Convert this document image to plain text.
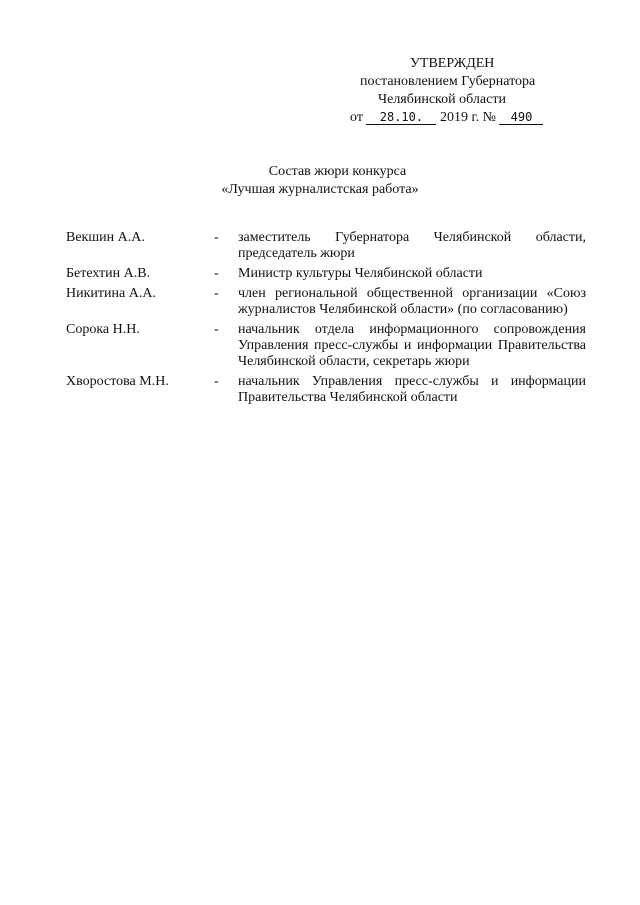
УТВЕРЖДЕН
постановлением Губернатора
Челябинской области
от 28.10. 2019 г. № 490
Состав жюри конкурса
«Лучшая журналистская работа»
Векшин А.А.	-	заместитель Губернатора Челябинской области, председатель жюри
Бетехтин А.В.	-	Министр культуры Челябинской области
Никитина А.А.	-	член региональной общественной организации «Союз журналистов Челябинской области» (по согласованию)
Сорока Н.Н.	-	начальник отдела информационного сопровождения Управления пресс-службы и информации Правительства Челябинской области, секретарь жюри
Хворостова М.Н.	-	начальник Управления пресс-службы и информации Правительства Челябинской области
